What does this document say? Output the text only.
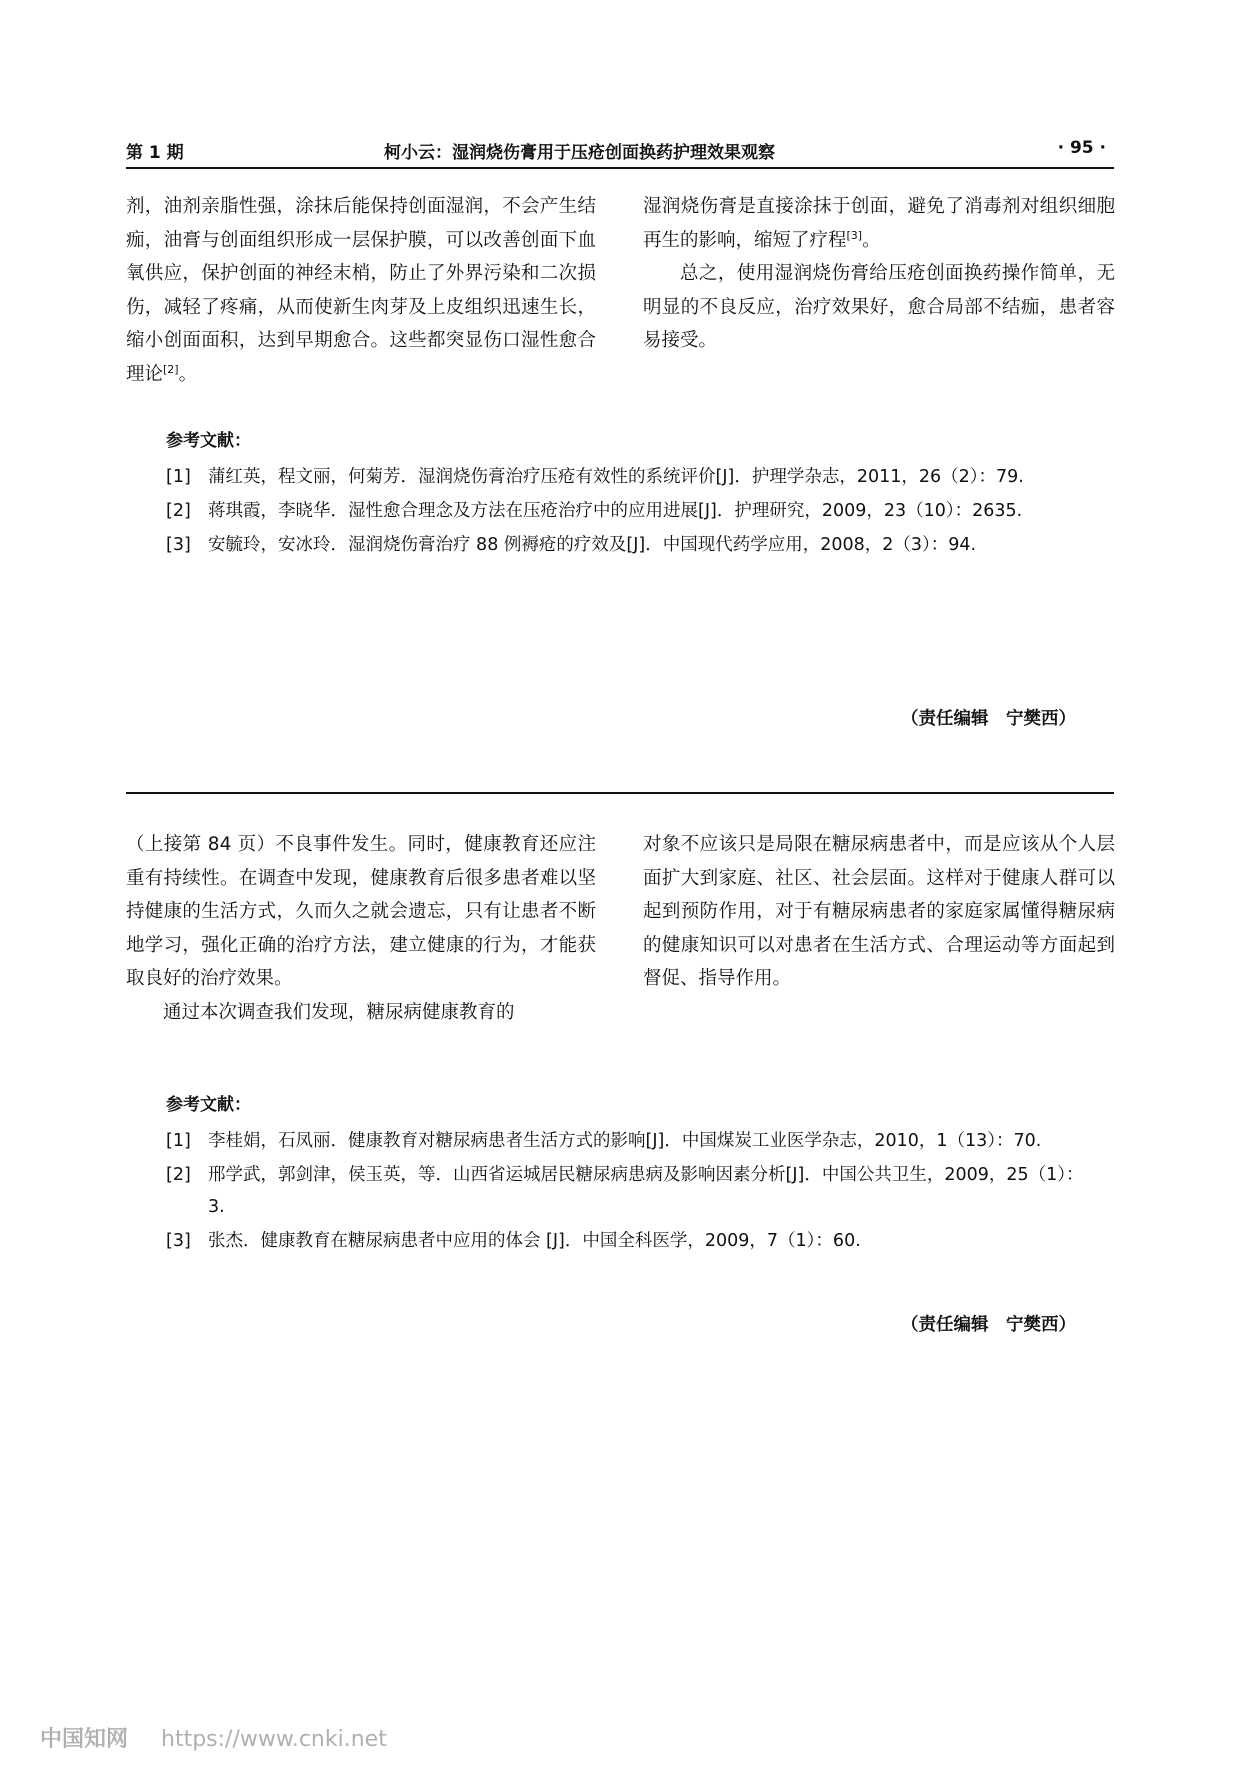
第 1 期	柯小云：湿润烧伤膏用于压疮创面换药护理效果观察	· 95 ·

剂，油剂亲脂性强，涂抹后能保持创面湿润，不会产生结痂，油膏与创面组织形成一层保护膜，可以改善创面下血氧供应，保护创面的神经末梢，防止了外界污染和二次损伤，减轻了疼痛，从而使新生肉芽及上皮组织迅速生长，缩小创面面积，达到早期愈合。这些都突显伤口湿性愈合理论[2]。

湿润烧伤膏是直接涂抹于创面，避免了消毒剂对组织细胞再生的影响，缩短了疗程[3]。

总之，使用湿润烧伤膏给压疮创面换药操作简单，无明显的不良反应，治疗效果好，愈合局部不结痂，患者容易接受。

参考文献：
[1] 蒲红英，程文丽，何菊芳．湿润烧伤膏治疗压疮有效性的系统评价[J]．护理学杂志，2011，26（2）：79.
[2] 蒋琪霞，李晓华．湿性愈合理念及方法在压疮治疗中的应用进展[J]．护理研究，2009，23（10）：2635.
[3] 安毓玲，安冰玲．湿润烧伤膏治疗 88 例褥疮的疗效及[J]．中国现代药学应用，2008，2（3）：94.
（责任编辑　宁樊西）

（上接第 84 页）不良事件发生。同时，健康教育还应注重有持续性。在调查中发现，健康教育后很多患者难以坚持健康的生活方式，久而久之就会遗忘，只有让患者不断地学习，强化正确的治疗方法，建立健康的行为，才能获取良好的治疗效果。

通过本次调查我们发现，糖尿病健康教育的

对象不应该只是局限在糖尿病患者中，而是应该从个人层面扩大到家庭、社区、社会层面。这样对于健康人群可以起到预防作用，对于有糖尿病患者的家庭家属懂得糖尿病的健康知识可以对患者在生活方式、合理运动等方面起到督促、指导作用。

参考文献：
[1] 李桂娟，石凤丽．健康教育对糖尿病患者生活方式的影响[J]．中国煤炭工业医学杂志，2010，1（13）：70.
[2] 邢学武，郭剑津，侯玉英，等．山西省运城居民糖尿病患病及影响因素分析[J]．中国公共卫生，2009，25（1）：3.
[3] 张杰．健康教育在糖尿病患者中应用的体会 [J]．中国全科医学，2009，7（1）：60.
（责任编辑　宁樊西）
中国知网 https://www.cnki.net
